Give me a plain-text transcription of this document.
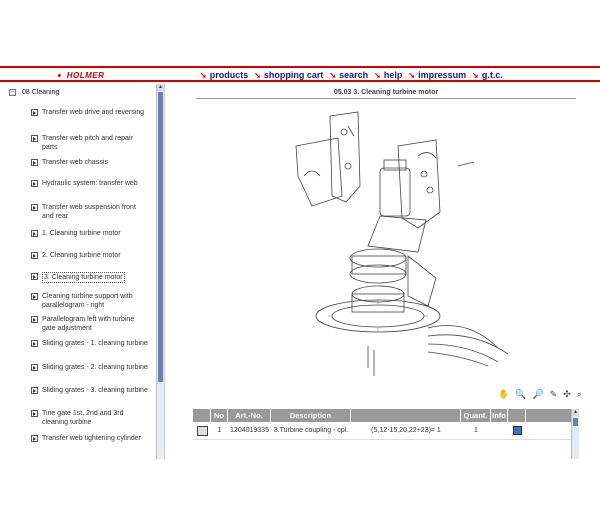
➧ HOLMER	➘ products ➘ shopping cart ➘ search ➘ help ➘ impressum ➘ g.t.c.
− 08 Cleaning
Transfer web drive and reversing
Transfer web pitch and repair parts
Transfer web chassis
Hydraulic system: transfer web
Transfer web suspension front and rear
1. Cleaning turbine motor
2. Cleaning turbine motor
3. Cleaning turbine motor
Cleaning turbine support with parallelogram - right
Parallelogram left with turbine gate adjustment
Sliding grates - 1. cleaning turbine
Sliding grates - 2. cleaning turbine
Sliding grates - 3. cleaning turbine
Tine gate 1st, 2nd and 3rd cleaning turbine
Transfer web tightening cylinder
▲
05.03 3. Cleaning turbine motor
✋ 🔍 🔎 ✎ ✣ ⌕
No	Art.-No.	Description	Quant. Info
1	1204019335 3.Turbine coupling - cpl.	(5,12-15,20,22+23)= 1	1
▲
